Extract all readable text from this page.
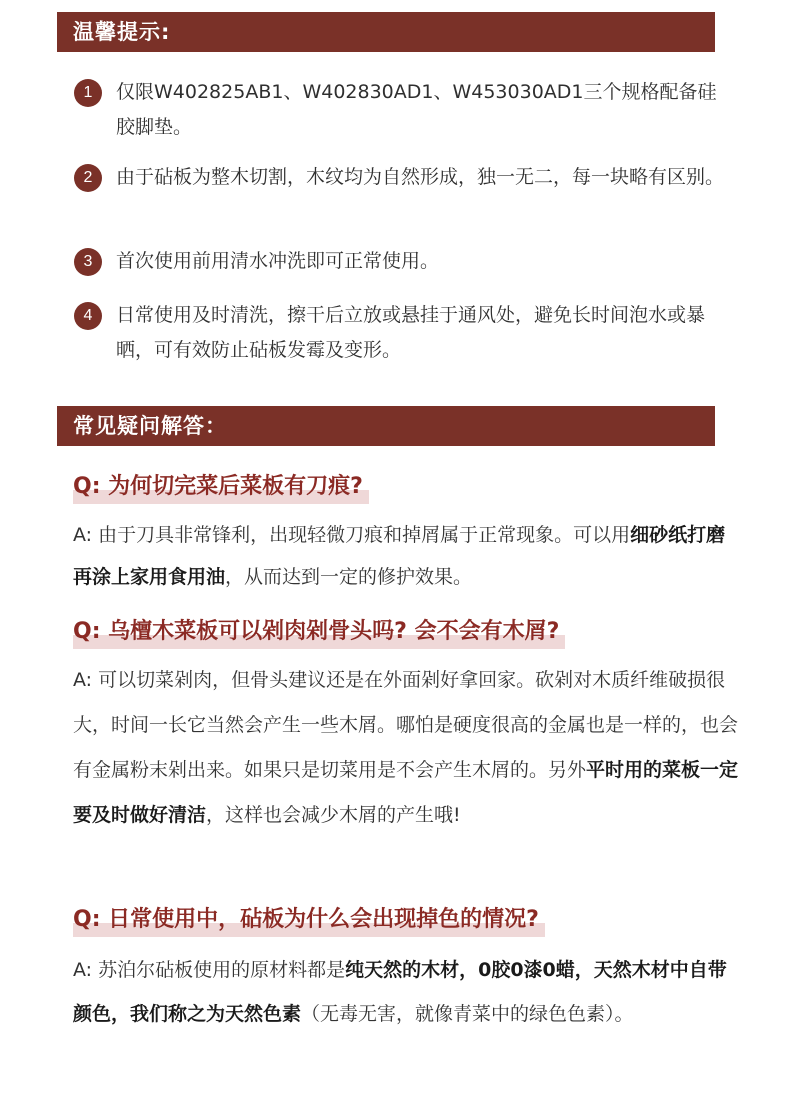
温馨提示:
1	仅限W402825AB1、W402830AD1、W453030AD1三个规格配备硅胶脚垫。
2	由于砧板为整木切割，木纹均为自然形成，独一无二，每一块略有区别。
3	首次使用前用清水冲洗即可正常使用。
4	日常使用及时清洗，擦干后立放或悬挂于通风处，避免长时间泡水或暴晒，可有效防止砧板发霉及变形。
常见疑问解答：
Q: 为何切完菜后菜板有刀痕?
A: 由于刀具非常锋利，出现轻微刀痕和掉屑属于正常现象。可以用细砂纸打磨再涂上家用食用油，从而达到一定的修护效果。
Q: 乌檀木菜板可以剁肉剁骨头吗? 会不会有木屑?
A: 可以切菜剁肉，但骨头建议还是在外面剁好拿回家。砍剁对木质纤维破损很大，时间一长它当然会产生一些木屑。哪怕是硬度很高的金属也是一样的，也会有金属粉末剁出来。如果只是切菜用是不会产生木屑的。另外平时用的菜板一定要及时做好清洁，这样也会减少木屑的产生哦!
Q: 日常使用中，砧板为什么会出现掉色的情况?
A: 苏泊尔砧板使用的原材料都是纯天然的木材，0胶0漆0蜡，天然木材中自带颜色，我们称之为天然色素（无毒无害，就像青菜中的绿色色素）。
